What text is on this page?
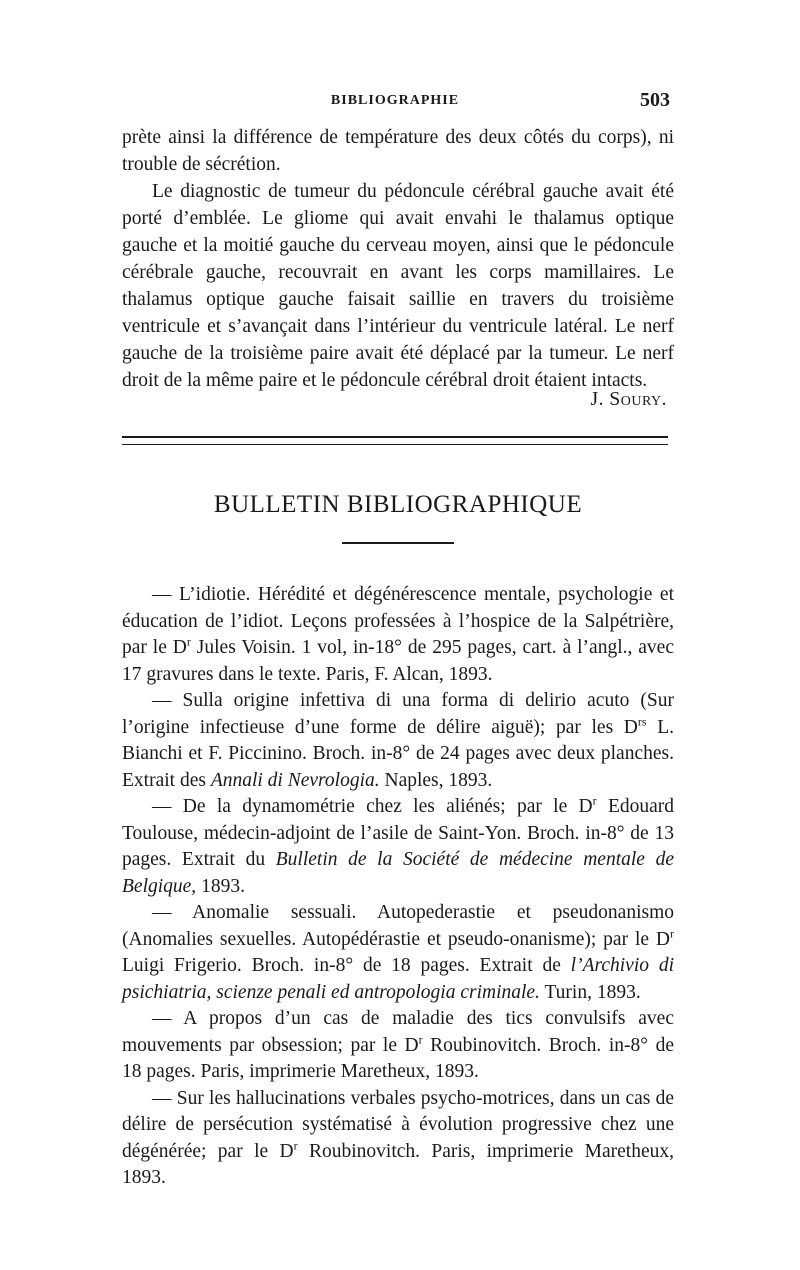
BIBLIOGRAPHIE	503

prète ainsi la différence de température des deux côtés du corps), ni trouble de sécrétion.

Le diagnostic de tumeur du pédoncule cérébral gauche avait été porté d’emblée. Le gliome qui avait envahi le thalamus optique gauche et la moitié gauche du cerveau moyen, ainsi que le pédoncule cérébrale gauche, recouvrait en avant les corps mamillaires. Le thalamus optique gauche faisait saillie en travers du troisième ventricule et s’avançait dans l’intérieur du ventricule latéral. Le nerf gauche de la troisième paire avait été déplacé par la tumeur. Le nerf droit de la même paire et le pédoncule cérébral droit étaient intacts.

J. Soury.
BULLETIN BIBLIOGRAPHIQUE

— L’idiotie. Hérédité et dégénérescence mentale, psychologie et éducation de l’idiot. Leçons professées à l’hospice de la Salpétrière, par le $D^r$ Jules Voisin. 1 vol, in-18° de 295 pages, cart. à l’angl., avec 17 gravures dans le texte. Paris, F. Alcan, 1893.

— Sulla origine infettiva di una forma di delirio acuto (Sur l’origine infectieuse d’une forme de délire aiguë); par les $D^{rs}$ L. Bianchi et F. Piccinino. Broch. in-8° de 24 pages avec deux planches. Extrait des Annali di Nevrologia. Naples, 1893.

— De la dynamométrie chez les aliénés; par le $D^r$ Edouard Toulouse, médecin-adjoint de l’asile de Saint-Yon. Broch. in-8° de 13 pages. Extrait du Bulletin de la Société de médecine mentale de Belgique, 1893.

— Anomalie sessuali. Autopederastie et pseudonanismo (Anomalies sexuelles. Autopédérastie et pseudo-onanisme); par le $D^r$ Luigi Frigerio. Broch. in-8° de 18 pages. Extrait de l’Archivio di psichiatria, scienze penali ed antropologia criminale. Turin, 1893.

— A propos d’un cas de maladie des tics convulsifs avec mouvements par obsession; par le $D^r$ Roubinovitch. Broch. in-8° de 18 pages. Paris, imprimerie Maretheux, 1893.

— Sur les hallucinations verbales psycho-motrices, dans un cas de délire de persécution systématisé à évolution progressive chez une dégénérée; par le $D^r$ Roubinovitch. Paris, imprimerie Maretheux, 1893.
